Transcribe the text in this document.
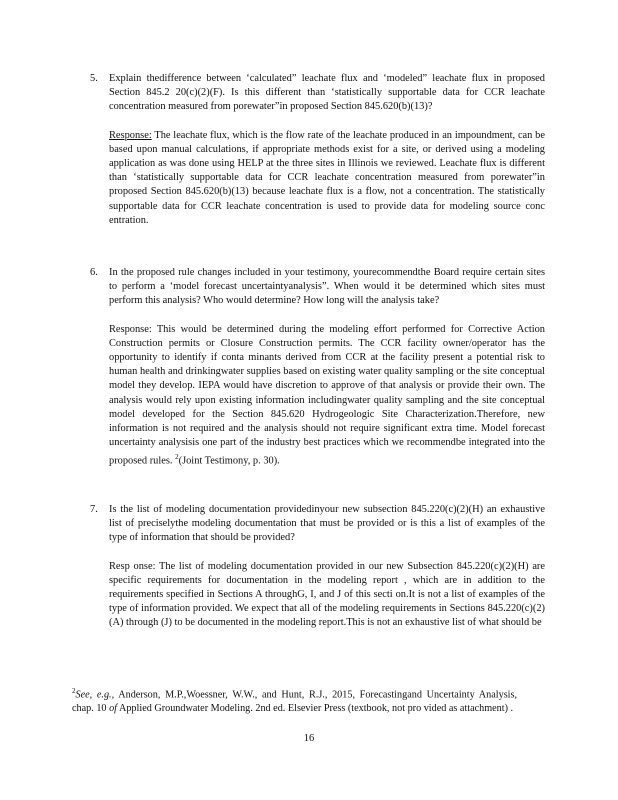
5. Explain thedifference between ‘calculated” leachate flux and ‘modeled” leachate flux in proposed Section 845.2 20(c)(2)(F). Is this different than ‘statistically supportable data for CCR leachate concentration measured from porewater”in proposed Section 845.620(b)(13)?
Response: The leachate flux, which is the flow rate of the leachate produced in an impoundment, can be based upon manual calculations, if appropriate methods exist for a site, or derived using a modeling application as was done using HELP at the three sites in Illinois we reviewed. Leachate flux is different than ‘statistically supportable data for CCR leachate concentration measured from porewater”in proposed Section 845.620(b)(13) because leachate flux is a flow, not a concentration. The statistically supportable data for CCR leachate concentration is used to provide data for modeling source conc entration.
6. In the proposed rule changes included in your testimony, yourecommendthe Board require certain sites to perform a ‘model forecast uncertaintyanalysis”. When would it be determined which sites must perform this analysis? Who would determine? How long will the analysis take?
Response: This would be determined during the modeling effort performed for Corrective Action Construction permits or Closure Construction permits. The CCR facility owner/operator has the opportunity to identify if conta minants derived from CCR at the facility present a potential risk to human health and drinkingwater supplies based on existing water quality sampling or the site conceptual model they develop. IEPA would have discretion to approve of that analysis or provide their own. The analysis would rely upon existing information includingwater quality sampling and the site conceptual model developed for the Section 845.620 Hydrogeologic Site Characterization.Therefore, new information is not required and the analysis should not require significant extra time. Model forecast uncertainty analysisis one part of the industry best practices which we recommendbe integrated into the proposed rules. $^2$(Joint Testimony, p. 30).
7. Is the list of modeling documentation providedinyour new subsection 845.220(c)(2)(H) an exhaustive list of preciselythe modeling documentation that must be provided or is this a list of examples of the type of information that should be provided?
Resp onse: The list of modeling documentation provided in our new Subsection 845.220(c)(2)(H) are specific requirements for documentation in the modeling report , which are in addition to the requirements specified in Sections A throughG, I, and J of this secti on.It is not a list of examples of the type of information provided. We expect that all of the modeling requirements in Sections 845.220(c)(2)(A) through (J) to be documented in the modeling report.This is not an exhaustive list of what should be
$^2$See, e.g., Anderson, M.P.,Woessner, W.W., and Hunt, R.J., 2015, Forecastingand Uncertainty Analysis, chap. 10 of Applied Groundwater Modeling. 2nd ed. Elsevier Press (textbook, not pro vided as attachment) .
16
